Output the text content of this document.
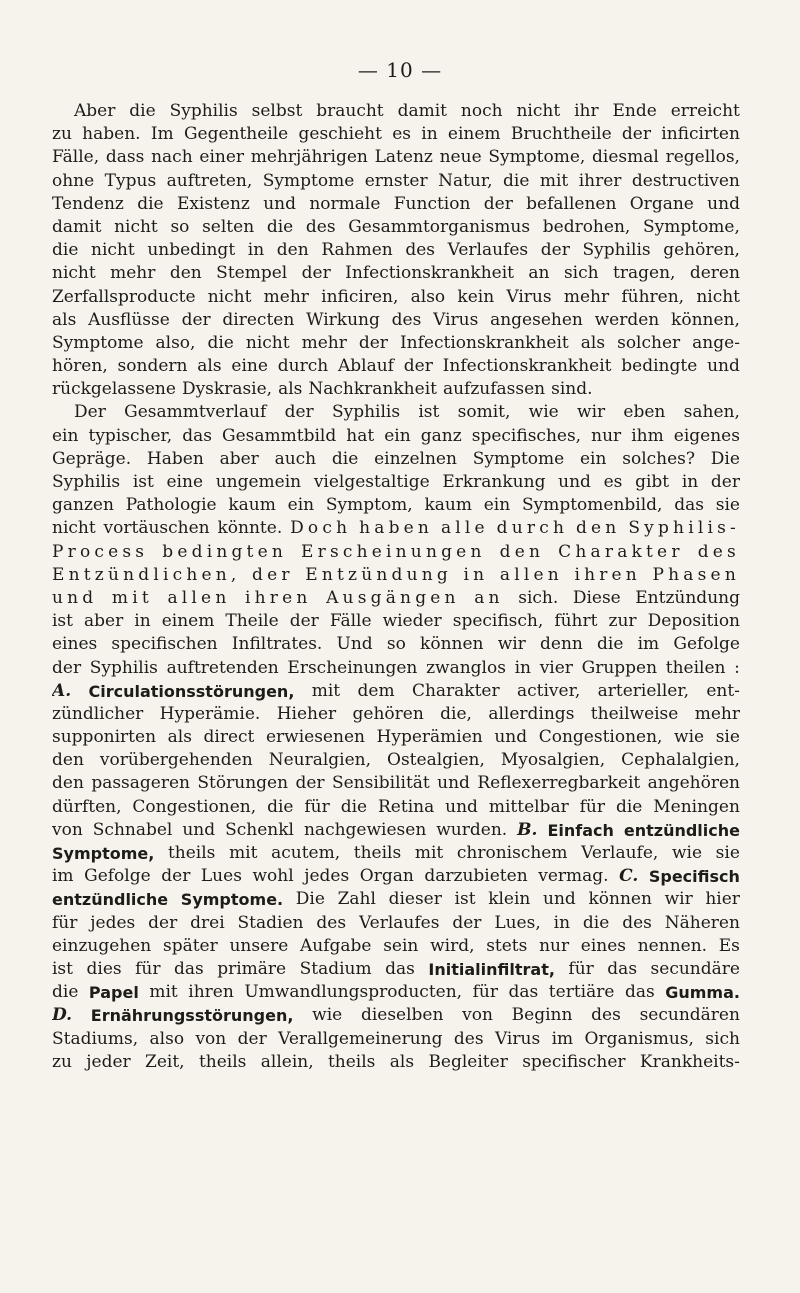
— 10 —
Aber die Syphilis selbst braucht damit noch nicht ihr Ende erreicht
zu haben. Im Gegentheile geschieht es in einem Bruchtheile der inficirten
Fälle, dass nach einer mehrjährigen Latenz neue Symptome, diesmal regellos,
ohne Typus auftreten, Symptome ernster Natur, die mit ihrer destructiven
Tendenz die Existenz und normale Function der befallenen Organe und
damit nicht so selten die des Gesammtorganismus bedrohen, Symptome,
die nicht unbedingt in den Rahmen des Verlaufes der Syphilis gehören,
nicht mehr den Stempel der Infectionskrankheit an sich tragen, deren
Zerfallsproducte nicht mehr inficiren, also kein Virus mehr führen, nicht
als Ausflüsse der directen Wirkung des Virus angesehen werden können,
Symptome also, die nicht mehr der Infectionskrankheit als solcher ange-
hören, sondern als eine durch Ablauf der Infectionskrankheit bedingte und
rückgelassene Dyskrasie, als Nachkrankheit aufzufassen sind.
Der Gesammtverlauf der Syphilis ist somit, wie wir eben sahen,
ein typischer, das Gesammtbild hat ein ganz specifisches, nur ihm eigenes
Gepräge. Haben aber auch die einzelnen Symptome ein solches? Die
Syphilis ist eine ungemein vielgestaltige Erkrankung und es gibt in der
ganzen Pathologie kaum ein Symptom, kaum ein Symptomenbild, das sie
nicht vortäuschen könnte. Doch haben alle durch den Syphilis-
Process bedingten Erscheinungen den Charakter des
Entzündlichen, der Entzündung in allen ihren Phasen
und mit allen ihren Ausgängen an sich. Diese Entzündung
ist aber in einem Theile der Fälle wieder specifisch, führt zur Deposition
eines specifischen Infiltrates. Und so können wir denn die im Gefolge
der Syphilis auftretenden Erscheinungen zwanglos in vier Gruppen theilen :
A. Circulationsstörungen, mit dem Charakter activer, arterieller, ent-
zündlicher Hyperämie. Hieher gehören die, allerdings theilweise mehr
supponirten als direct erwiesenen Hyperämien und Congestionen, wie sie
den vorübergehenden Neuralgien, Ostealgien, Myosalgien, Cephalalgien,
den passageren Störungen der Sensibilität und Reflexerregbarkeit angehören
dürften, Congestionen, die für die Retina und mittelbar für die Meningen
von Schnabel und Schenkl nachgewiesen wurden. B. Einfach entzündliche
Symptome, theils mit acutem, theils mit chronischem Verlaufe, wie sie
im Gefolge der Lues wohl jedes Organ darzubieten vermag. C. Specifisch
entzündliche Symptome. Die Zahl dieser ist klein und können wir hier
für jedes der drei Stadien des Verlaufes der Lues, in die des Näheren
einzugehen später unsere Aufgabe sein wird, stets nur eines nennen. Es
ist dies für das primäre Stadium das Initialinfiltrat, für das secundäre
die Papel mit ihren Umwandlungsproducten, für das tertiäre das Gumma.
D. Ernährungsstörungen, wie dieselben von Beginn des secundären
Stadiums, also von der Verallgemeinerung des Virus im Organismus, sich
zu jeder Zeit, theils allein, theils als Begleiter specifischer Krankheits-
